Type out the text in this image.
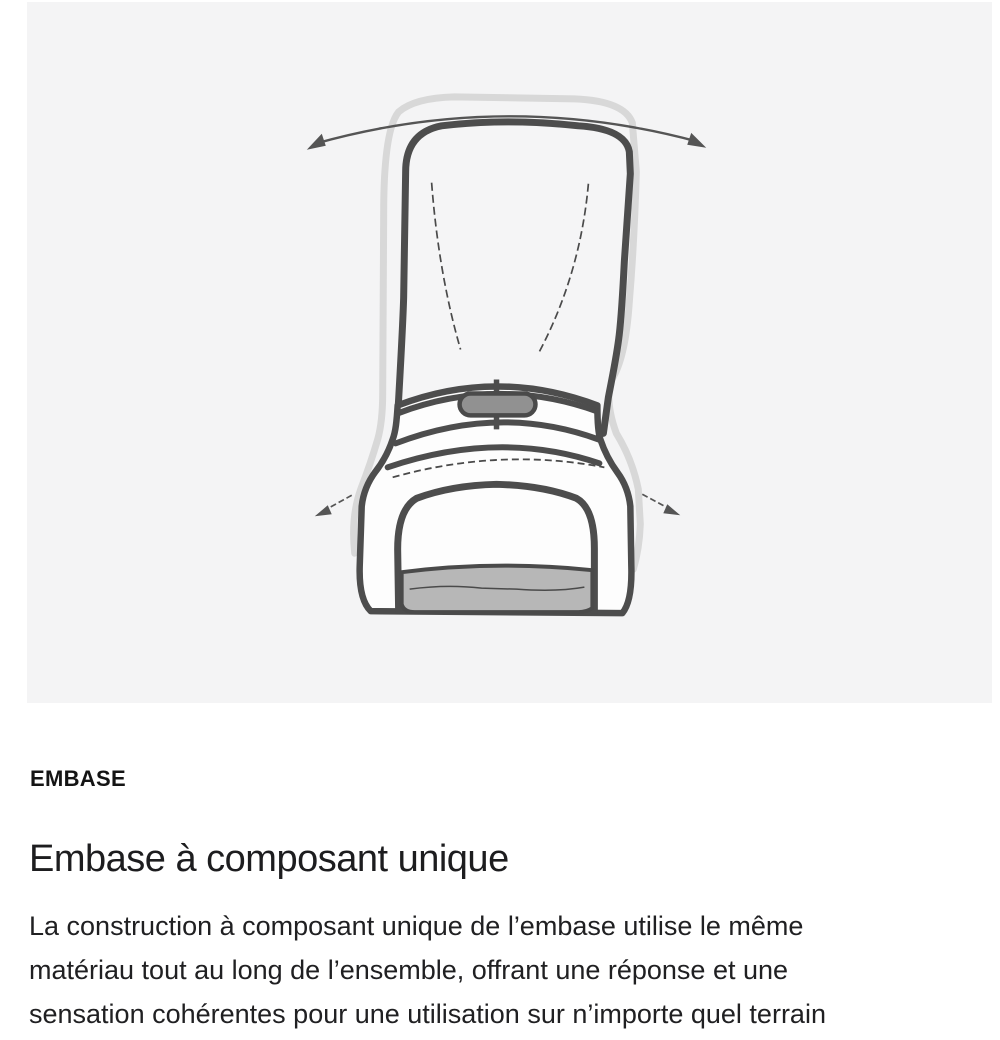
EMBASE
Embase à composant unique

La construction à composant unique de l’embase utilise le même
matériau tout au long de l’ensemble, offrant une réponse et une
sensation cohérentes pour une utilisation sur n’importe quel terrain
